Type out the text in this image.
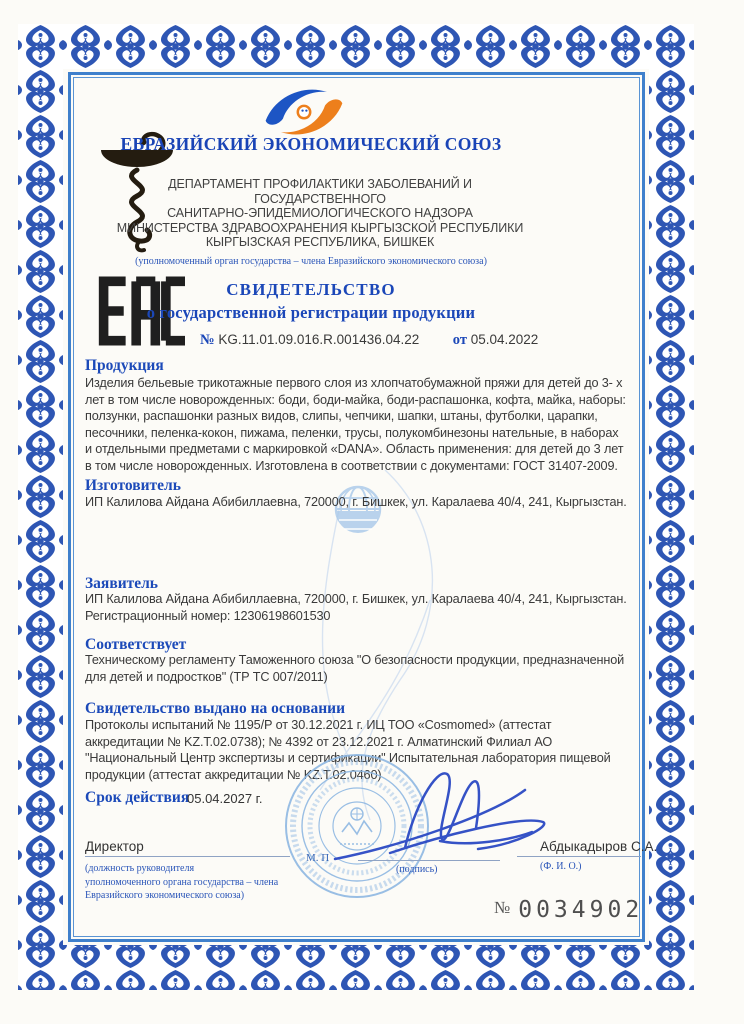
ЕВРАЗИЙСКИЙ ЭКОНОМИЧЕСКИЙ СОЮЗ
ДЕПАРТАМЕНТ ПРОФИЛАКТИКИ ЗАБОЛЕВАНИЙ И ГОСУДАРСТВЕННОГО
САНИТАРНО-ЭПИДЕМИОЛОГИЧЕСКОГО НАДЗОРА
МИНИСТЕРСТВА ЗДРАВООХРАНЕНИЯ КЫРГЫЗСКОЙ РЕСПУБЛИКИ
КЫРГЫЗСКАЯ РЕСПУБЛИКА, БИШКЕК
(уполномоченный орган государства – члена Евразийского экономического союза)
СВИДЕТЕЛЬСТВО
о государственной регистрации продукции
№ KG.11.01.09.016.R.001436.04.22 от 05.04.2022
Продукция
Изделия бельевые трикотажные первого слоя из хлопчатобумажной пряжи для детей до 3- х лет в том числе новорожденных: боди, боди-майка, боди-распашонка, кофта, майка, наборы: ползунки, распашонки разных видов, слипы, чепчики, шапки, штаны, футболки, царапки, песочники, пеленка-кокон, пижама, пеленки, трусы, полукомбинезоны нательные, в наборах и отдельными предметами с маркировкой «DANA». Область применения: для детей до 3 лет в том числе новорожденных. Изготовлена в соответствии с документами: ГОСТ 31407-2009.
Изготовитель
ИП Калилова Айдана Абибиллаевна, 720000, г. Бишкек, ул. Каралаева 40/4, 241, Кыргызстан.
Заявитель
ИП Калилова Айдана Абибиллаевна, 720000, г. Бишкек, ул. Каралаева 40/4, 241, Кыргызстан.
Регистрационный номер: 12306198601530
Соответствует
Техническому регламенту Таможенного союза "О безопасности продукции, предназначенной для детей и подростков" (ТР ТС 007/2011)
Свидетельство выдано на основании
Протоколы испытаний № 1195/Р от 30.12.2021 г. ИЦ ТОО «Cosmomed» (аттестат аккредитации № KZ.Т.02.0738); № 4392 от 23.12.2021 г. Алматинский Филиал АО "Национальный Центр экспертизы и сертификации" Испытательная лаборатория пищевой продукции (аттестат аккредитации № KZ.Т.02.0460)
Срок действия
05.04.2027 г.
М. П
Директор
(должность руководителя
уполномоченного органа государства – члена
Евразийского экономического союза)
(подпись)
Абдыкадыров С.А.
(Ф. И. О.)
№ 0034902
